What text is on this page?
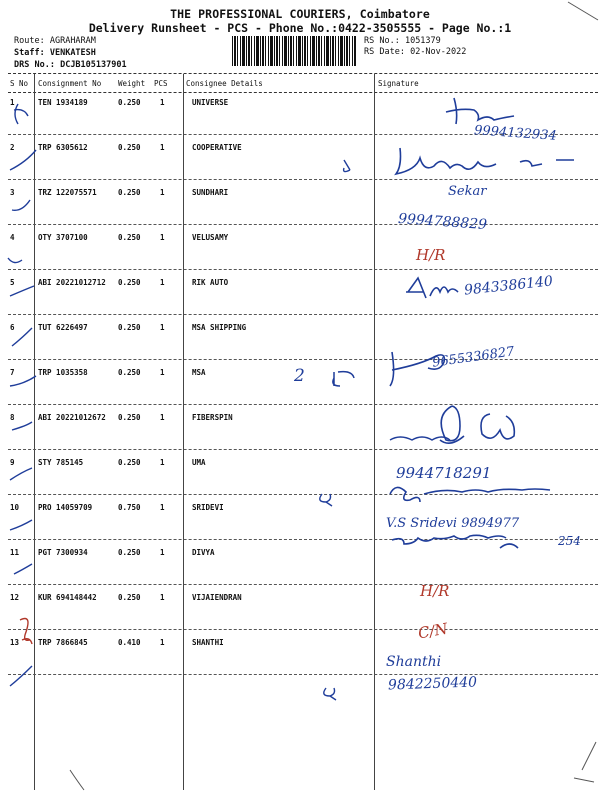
THE PROFESSIONAL COURIERS, Coimbatore
Delivery Runsheet - PCS - Phone No.:0422-3505555 - Page No.:1
Route: AGRAHARAM
Staff: VENKATESH
DRS No.: DCJB105137901
RS No.: 1051379
RS Date: 02-Nov-2022
S No Consignment No Weight PCS Consignee Details	Signature
1	TEN 1934189	0.250	1	UNIVERSE
2	TRP 6305612	0.250	1	COOPERATIVE
3	TRZ 122075571	0.250	1	SUNDHARI
4	OTY 3707100	0.250	1	VELUSAMY
5	ABI 20221012712 0.250	1	RIK AUTO
6	TUT 6226497	0.250	1	MSA SHIPPING
7	TRP 1035358	0.250	1	MSA
8	ABI 20221012672 0.250	1	FIBERSPIN
9	STY 785145	0.250	1	UMA
10	PRO 14059709	0.750	1	SRIDEVI
11	PGT 7300934	0.250	1	DIVYA
12	KUR 694148442	0.250	1	VIJAIENDRAN
13	TRP 7866845	0.410	1	SHANTHI
9994132934
Sekar
9994788829
H/R
9843386140
2
9655336827
9944718291
V.S Sridevi 9894977
254
H/R
C/N
Shanthi
9842250440
